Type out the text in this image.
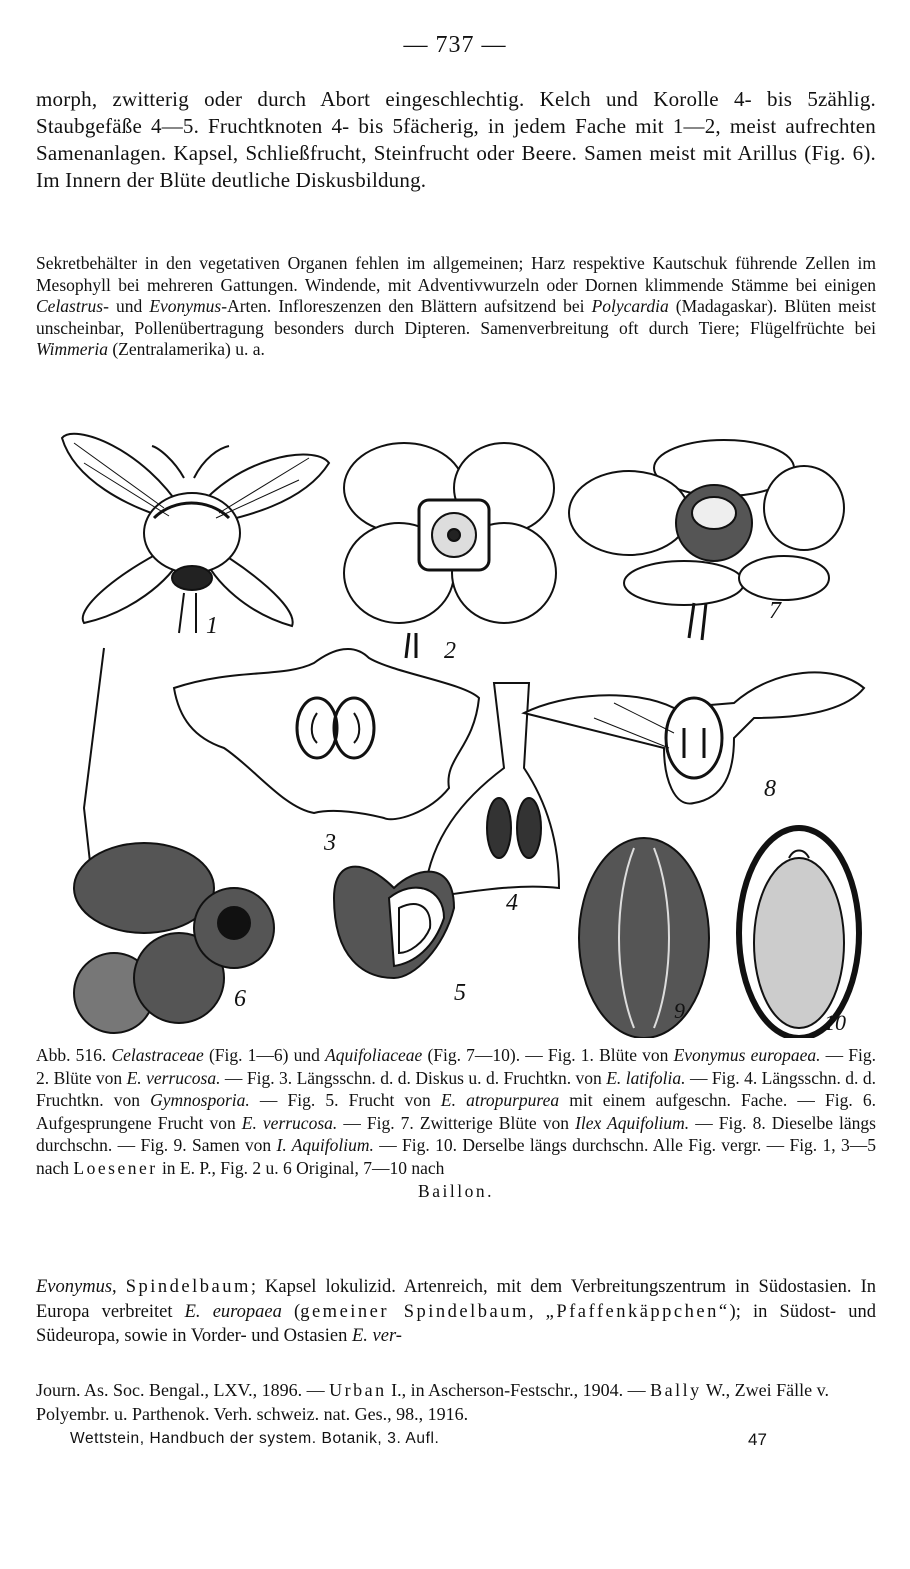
— 737 —
morph, zwitterig oder durch Abort eingeschlechtig. Kelch und Korolle 4- bis 5zählig. Staubgefäße 4—5. Fruchtknoten 4- bis 5fächerig, in jedem Fache mit 1—2, meist aufrechten Samenanlagen. Kapsel, Schließfrucht, Steinfrucht oder Beere. Samen meist mit Arillus (Fig. 6). Im Innern der Blüte deutliche Diskusbildung.
Sekretbehälter in den vegetativen Organen fehlen im allgemeinen; Harz respektive Kautschuk führende Zellen im Mesophyll bei mehreren Gattungen. Windende, mit Adventivwurzeln oder Dornen klimmende Stämme bei einigen Celastrus- und Evonymus-Arten. Infloreszenzen den Blättern aufsitzend bei Polycardia (Madagaskar). Blüten meist unscheinbar, Pollenübertragung besonders durch Dipteren. Samenverbreitung oft durch Tiere; Flügelfrüchte bei Wimmeria (Zentralamerika) u. a.
1
2
7
3
4
8
6	5
9	10
Abb. 516. Celastraceae (Fig. 1—6) und Aquifoliaceae (Fig. 7—10). — Fig. 1. Blüte von Evonymus europaea. — Fig. 2. Blüte von E. verrucosa. — Fig. 3. Längsschn. d. d. Diskus u. d. Fruchtkn. von E. latifolia. — Fig. 4. Längsschn. d. d. Fruchtkn. von Gymnosporia. — Fig. 5. Frucht von E. atropurpurea mit einem aufgeschn. Fache. — Fig. 6. Aufgesprungene Frucht von E. verrucosa. — Fig. 7. Zwitterige Blüte von Ilex Aquifolium. — Fig. 8. Dieselbe längs durchschn. — Fig. 9. Samen von I. Aquifolium. — Fig. 10. Derselbe längs durchschn. Alle Fig. vergr. — Fig. 1, 3—5 nach Loesener in E. P., Fig. 2 u. 6 Original, 7—10 nach
Baillon.
Evonymus, Spindelbaum; Kapsel lokulizid. Artenreich, mit dem Verbreitungszentrum in Südostasien. In Europa verbreitet E. europaea (gemeiner Spindelbaum, „Pfaffenkäppchen“); in Südost- und Südeuropa, sowie in Vorder- und Ostasien E. ver-
Journ. As. Soc. Bengal., LXV., 1896. — Urban I., in Ascherson-Festschr., 1904. — Bally W., Zwei Fälle v. Polyembr. u. Parthenok. Verh. schweiz. nat. Ges., 98., 1916.
Wettstein, Handbuch der system. Botanik, 3. Aufl.	47
